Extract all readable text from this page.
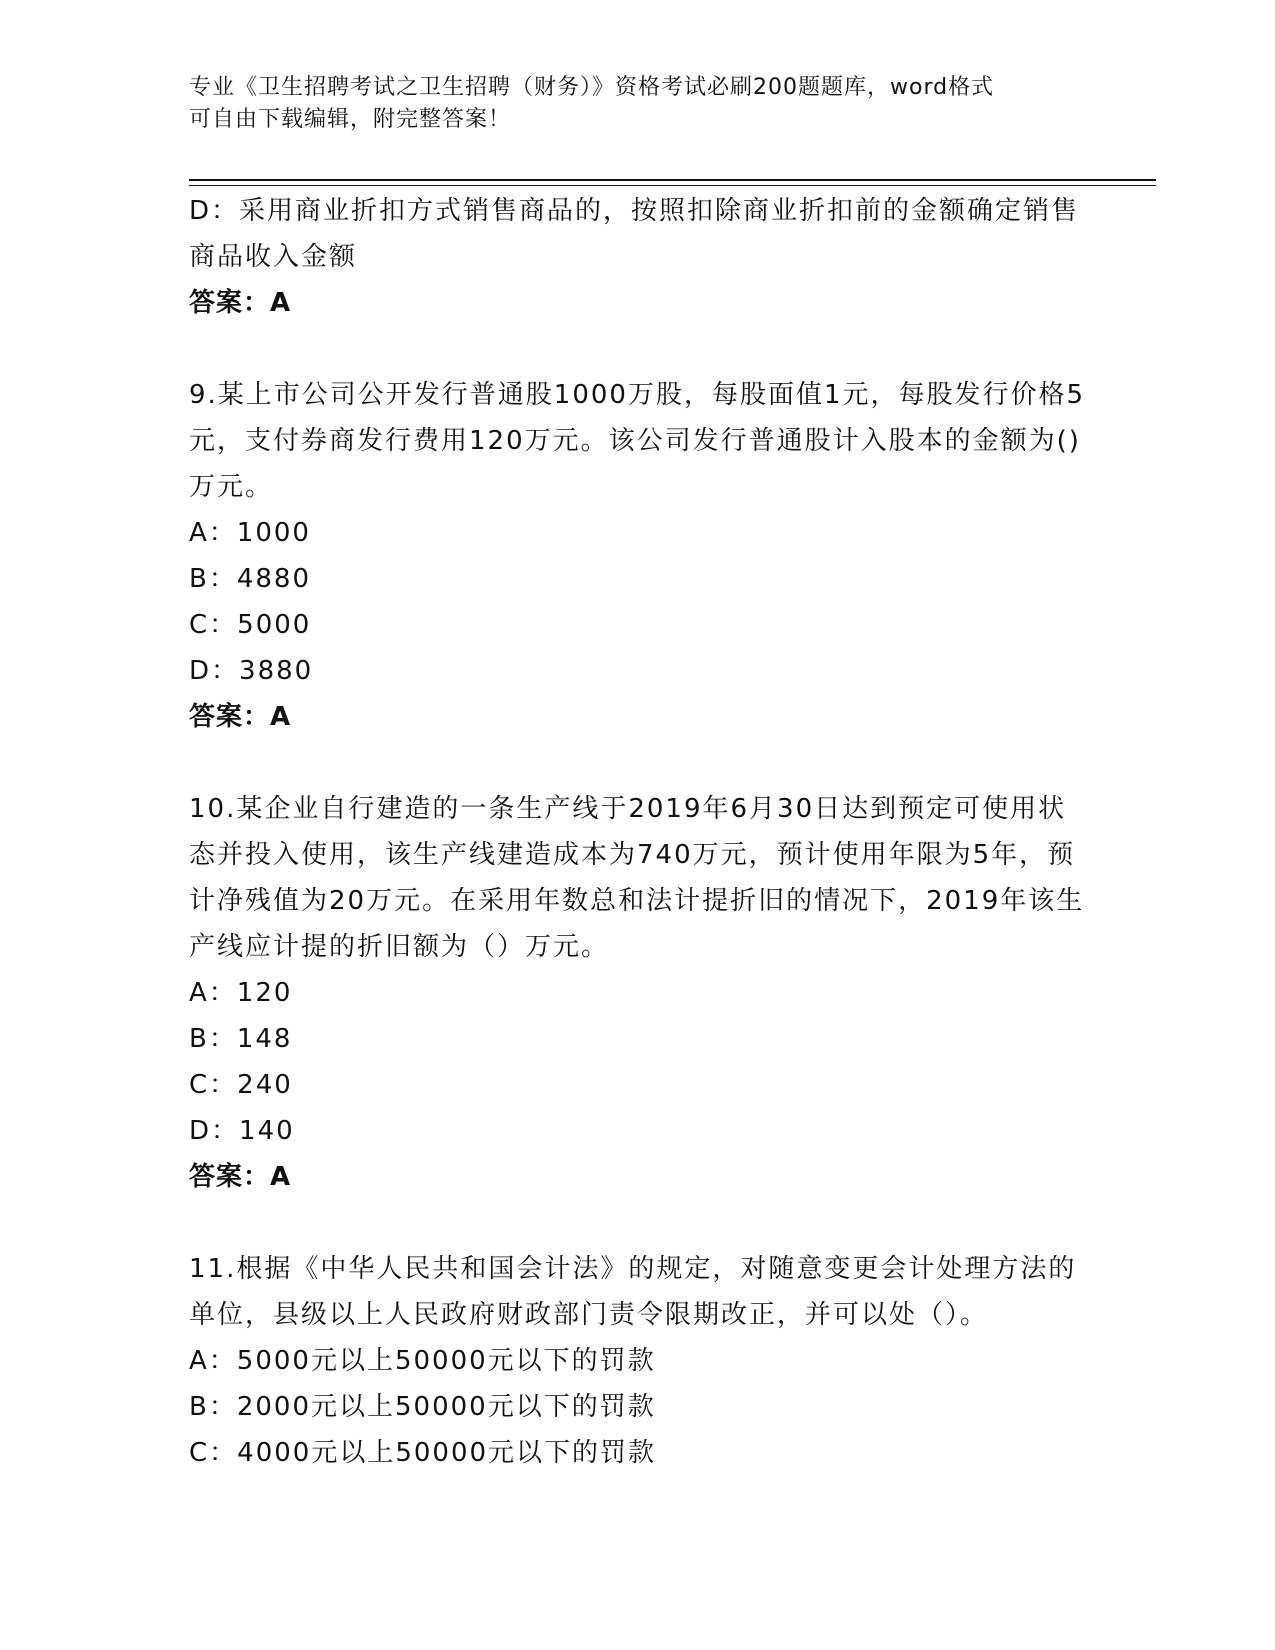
专业《卫生招聘考试之卫生招聘（财务）》资格考试必刷200题题库，word格式
可自由下载编辑，附完整答案！

D：采用商业折扣方式销售商品的，按照扣除商业折扣前的金额确定销售商品收入金额

答案：A

9.某上市公司公开发行普通股1000万股，每股面值1元，每股发行价格5元，支付券商发行费用120万元。该公司发行普通股计入股本的金额为()万元。

A：1000

B：4880

C：5000

D：3880

答案：A

10.某企业自行建造的一条生产线于2019年6月30日达到预定可使用状态并投入使用，该生产线建造成本为740万元，预计使用年限为5年，预计净残值为20万元。在采用年数总和法计提折旧的情况下，2019年该生产线应计提的折旧额为（）万元。

A：120

B：148

C：240

D：140

答案：A

11.根据《中华人民共和国会计法》的规定，对随意变更会计处理方法的单位，县级以上人民政府财政部门责令限期改正，并可以处（）。

A：5000元以上50000元以下的罚款

B：2000元以上50000元以下的罚款

C：4000元以上50000元以下的罚款
